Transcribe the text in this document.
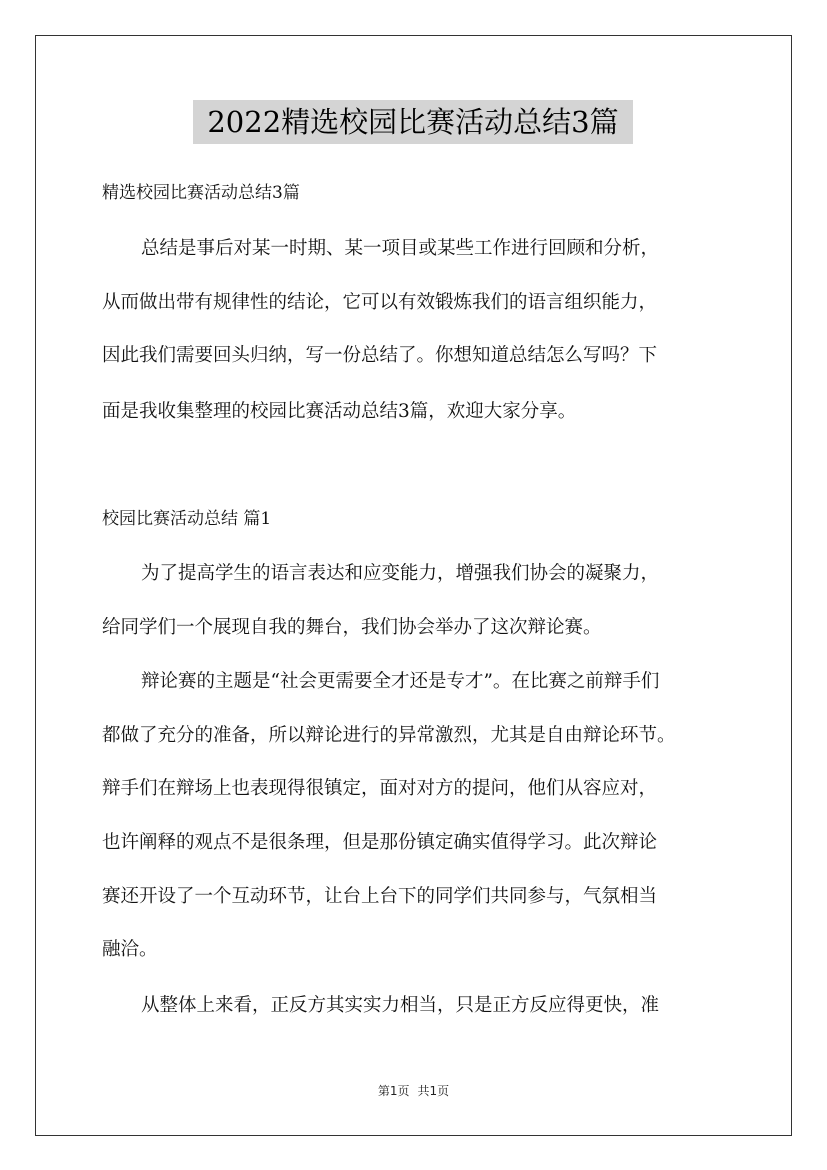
2022精选校园比赛活动总结3篇
精选校园比赛活动总结3篇
总结是事后对某一时期、某一项目或某些工作进行回顾和分析，
从而做出带有规律性的结论，它可以有效锻炼我们的语言组织能力，
因此我们需要回头归纳，写一份总结了。你想知道总结怎么写吗？下
面是我收集整理的校园比赛活动总结3篇，欢迎大家分享。
校园比赛活动总结 篇1
为了提高学生的语言表达和应变能力，增强我们协会的凝聚力，
给同学们一个展现自我的舞台，我们协会举办了这次辩论赛。
辩论赛的主题是“社会更需要全才还是专才”。在比赛之前辩手们
都做了充分的准备，所以辩论进行的异常激烈，尤其是自由辩论环节。
辩手们在辩场上也表现得很镇定，面对对方的提问，他们从容应对，
也许阐释的观点不是很条理，但是那份镇定确实值得学习。此次辩论
赛还开设了一个互动环节，让台上台下的同学们共同参与，气氛相当
融洽。
从整体上来看，正反方其实实力相当，只是正方反应得更快，准
第1页 共1页
